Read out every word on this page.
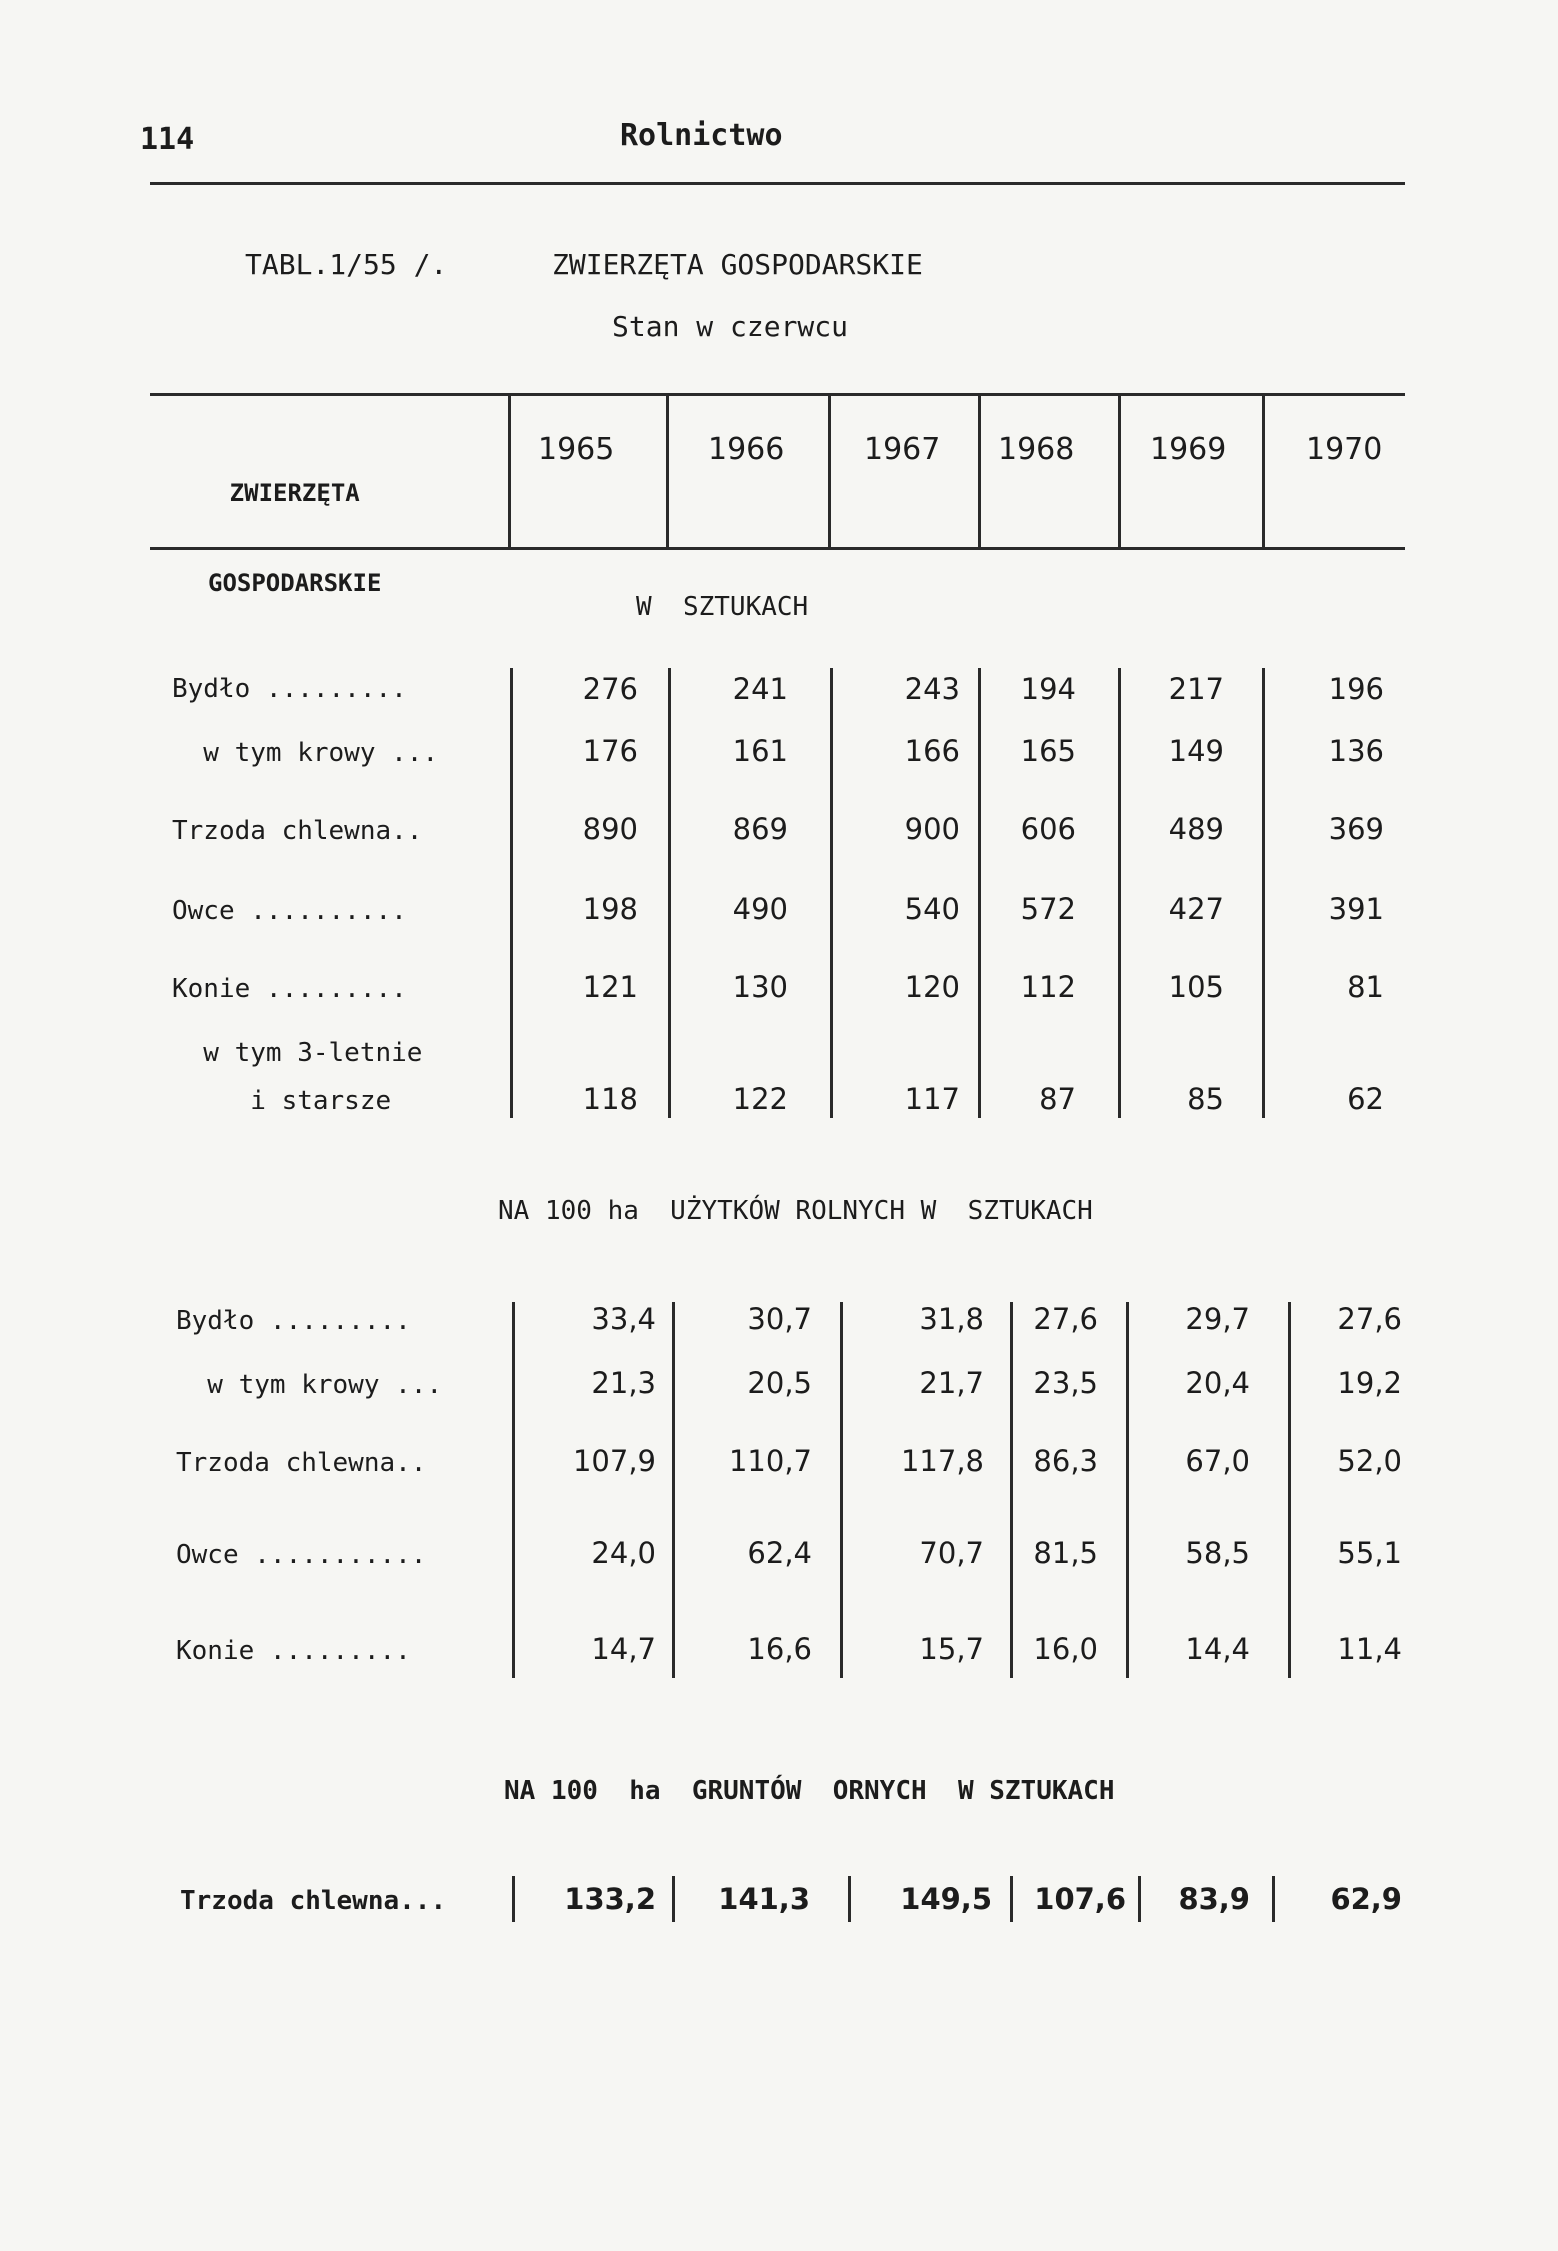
114	Rolnictwo
TABL.1/55 /.	ZWIERZĘTA GOSPODARSKIE
Stan w czerwcu

ZWIERZĘTA

GOSPODARSKIE

1965	1966	1967 1968	1969	1970
W  SZTUKACH
Bydło .........	276	241	243	194	217	196
w tym krowy ...	176	161	166	165	149	136
Trzoda chlewna..	890	869	900	606	489	369
Owce ..........	198	490	540	572	427	391
Konie .........	121	130	120	112	105	81
w tym 3-letnie
i starsze	118	122	117	87	85	62
NA 100 ha  UŻYTKÓW ROLNYCH W  SZTUKACH
Bydło .........	33,4	30,7	31,8	27,6	29,7	27,6
w tym krowy ...	21,3	20,5	21,7	23,5	20,4	19,2
Trzoda chlewna..	107,9	110,7	117,8	86,3	67,0	52,0
Owce ...........	24,0	62,4	70,7	81,5	58,5	55,1
Konie .........	14,7	16,6	15,7	16,0	14,4	11,4
NA 100  ha  GRUNTÓW  ORNYCH  W SZTUKACH
Trzoda chlewna...	133,2	141,3	149,5	107,6	83,9	62,9
